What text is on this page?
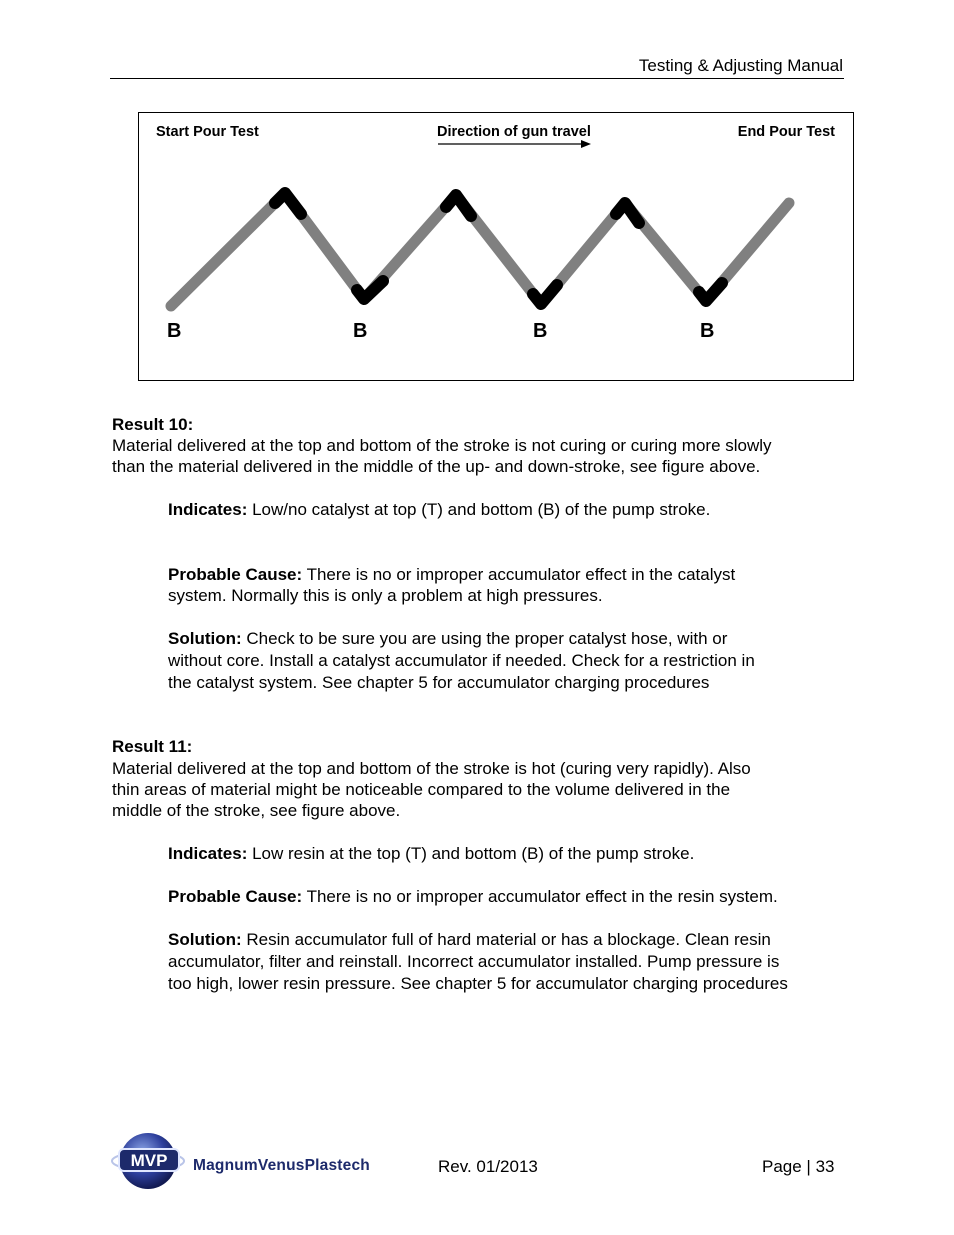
Testing & Adjusting Manual
Start Pour Test	Direction of gun travel	End Pour Test
B	B	B	B
Result 10:
Material delivered at the top and bottom of the stroke is not curing or curing more slowly
than the material delivered in the middle of the up- and down-stroke, see figure above.
Indicates: Low/no catalyst at top (T) and bottom (B) of the pump stroke.
Probable Cause: There is no or improper accumulator effect in the catalyst
system. Normally this is only a problem at high pressures.
Solution: Check to be sure you are using the proper catalyst hose, with or
without core. Install a catalyst accumulator if needed. Check for a restriction in
the catalyst system. See chapter 5 for accumulator charging procedures
Result 11:
Material delivered at the top and bottom of the stroke is hot (curing very rapidly). Also
thin areas of material might be noticeable compared to the volume delivered in the
middle of the stroke, see figure above.
Indicates: Low resin at the top (T) and bottom (B) of the pump stroke.
Probable Cause: There is no or improper accumulator effect in the resin system.
Solution: Resin accumulator full of hard material or has a blockage. Clean resin
accumulator, filter and reinstall. Incorrect accumulator installed. Pump pressure is
too high, lower resin pressure. See chapter 5 for accumulator charging procedures
MVP MagnumVenusPlastech	Rev. 01/2013	Page | 33
